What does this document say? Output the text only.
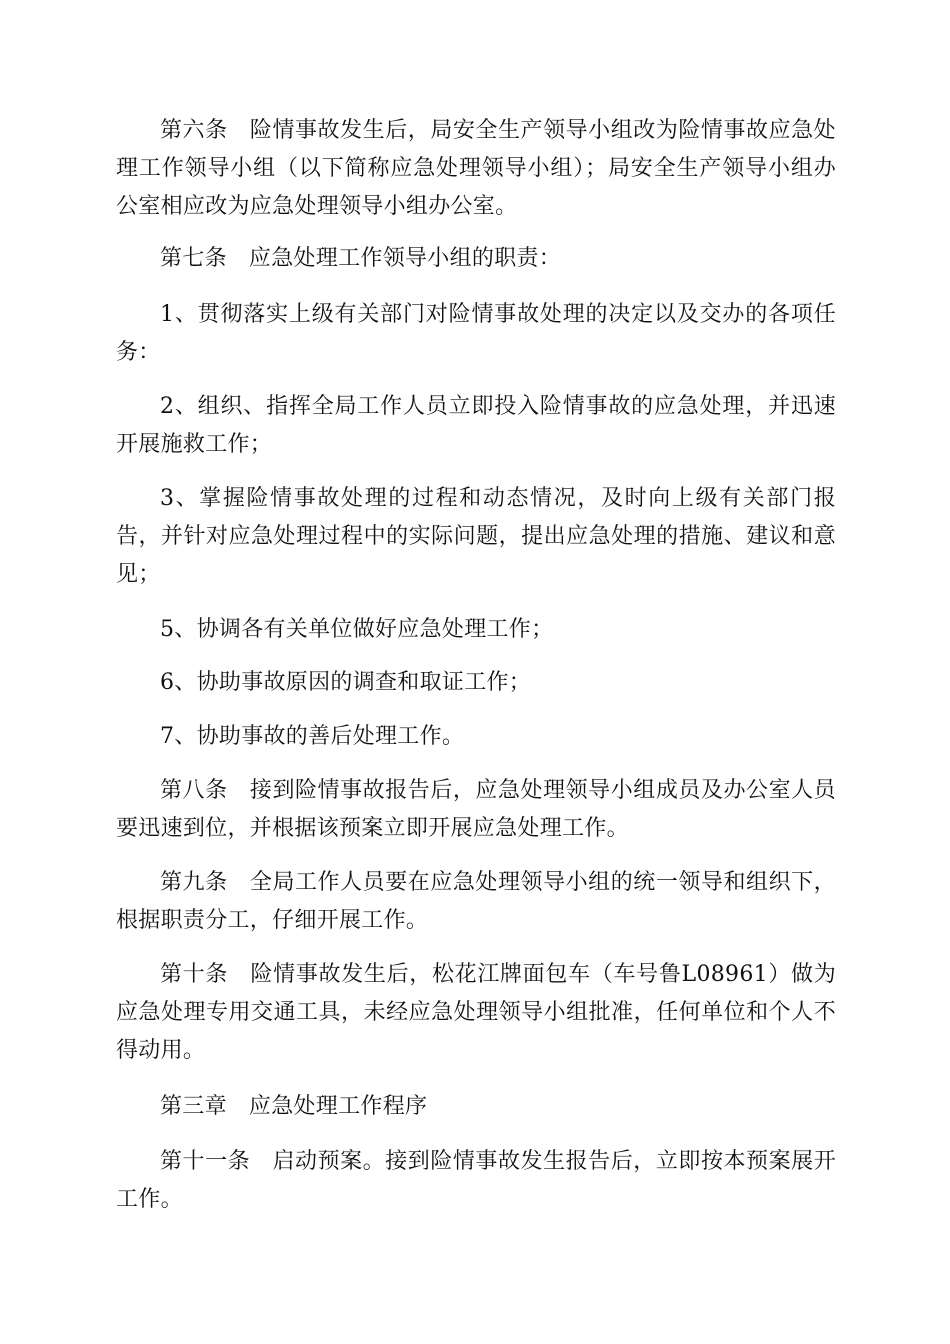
第六条 险情事故发生后，局安全生产领导小组改为险情事故应急处理工作领导小组（以下简称应急处理领导小组）；局安全生产领导小组办公室相应改为应急处理领导小组办公室。

第七条 应急处理工作领导小组的职责：

1、贯彻落实上级有关部门对险情事故处理的决定以及交办的各项任务：

2、组织、指挥全局工作人员立即投入险情事故的应急处理，并迅速开展施救工作；

3、掌握险情事故处理的过程和动态情况，及时向上级有关部门报告，并针对应急处理过程中的实际问题，提出应急处理的措施、建议和意见；

5、协调各有关单位做好应急处理工作；

6、协助事故原因的调查和取证工作；

7、协助事故的善后处理工作。

第八条 接到险情事故报告后，应急处理领导小组成员及办公室人员要迅速到位，并根据该预案立即开展应急处理工作。

第九条 全局工作人员要在应急处理领导小组的统一领导和组织下，根据职责分工，仔细开展工作。

第十条 险情事故发生后，松花江牌面包车（车号鲁L08961）做为应急处理专用交通工具，未经应急处理领导小组批准，任何单位和个人不得动用。

第三章 应急处理工作程序

第十一条 启动预案。接到险情事故发生报告后，立即按本预案展开工作。
